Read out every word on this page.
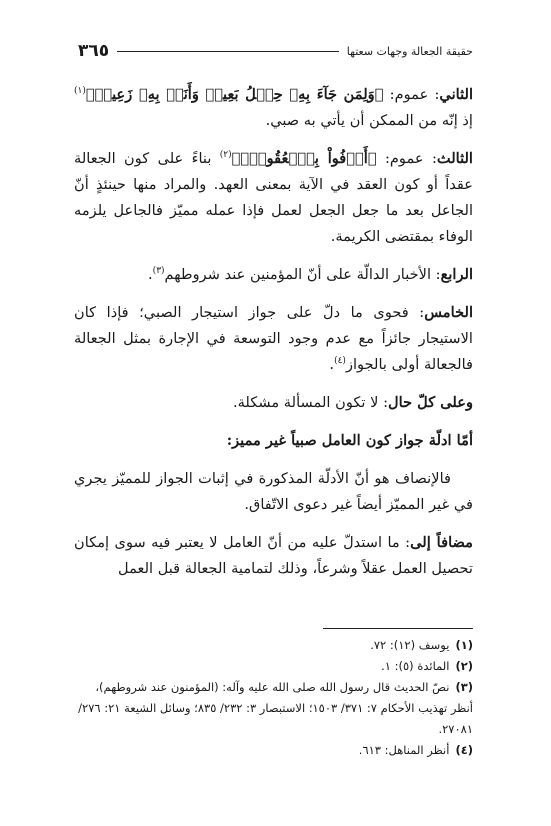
حقيقة الجعالة وجهات سعتها
٣٦٥

الثاني: عموم: ﴿وَلِمَن جَآءَ بِهِۦ حِمۡلُ بَعِيرٖ وَأَنَا۠ بِهِۦ زَعِيمٞ﴾$^{(١)}$ إذ إنّه من الممكن أن يأتي به صبي.

الثالث: عموم: ﴿أَوۡفُواْ بِٱلۡعُقُودِۚ﴾$^{(٢)}$ بناءً على كون الجعالة عقداً أو كون العقد في الآية بمعنى العهد. والمراد منها حينئذٍ أنّ الجاعل بعد ما جعل الجعل لعمل فإذا عمله مميّز فالجاعل يلزمه الوفاء بمقتضى الكريمة.

الرابع: الأخبار الدالّة على أنّ المؤمنين عند شروطهم$^{(٣)}$.

الخامس: فحوى ما دلّ على جواز استيجار الصبي؛ فإذا كان الاستيجار جائزاً مع عدم وجود التوسعة في الإجارة بمثل الجعالة فالجعالة أولى بالجواز$^{(٤)}$.

وعلى كلّ حال: لا تكون المسألة مشكلة.

أمّا ادلّة جواز كون العامل صبياً غير مميز:

فالإنصاف هو أنّ الأدلّة المذكورة في إثبات الجواز للمميّز يجري في غير المميّز أيضاً غير دعوى الاتّفاق.

مضافاً إلى: ما استدلّ عليه من أنّ العامل لا يعتبر فيه سوى إمكان تحصيل العمل عقلاً وشرعاً، وذلك لتمامية الجعالة قبل العمل

(١)يوسف (١٢): ٧٢.

(٢)المائدة (٥): ١.

(٣)نصّ الحديث قال رسول الله صلى الله عليه وآله: (المؤمنون عند شروطهم)، أنظر تهذيب الأحكام ٧: ٣٧١/ ١٥٠٣؛ الاستبصار ٣: ٢٣٢/ ٨٣٥؛ وسائل الشيعة ٢١: ٢٧٦/ ٢٧٠٨١.

(٤)أنظر المناهل: ٦١٣.
